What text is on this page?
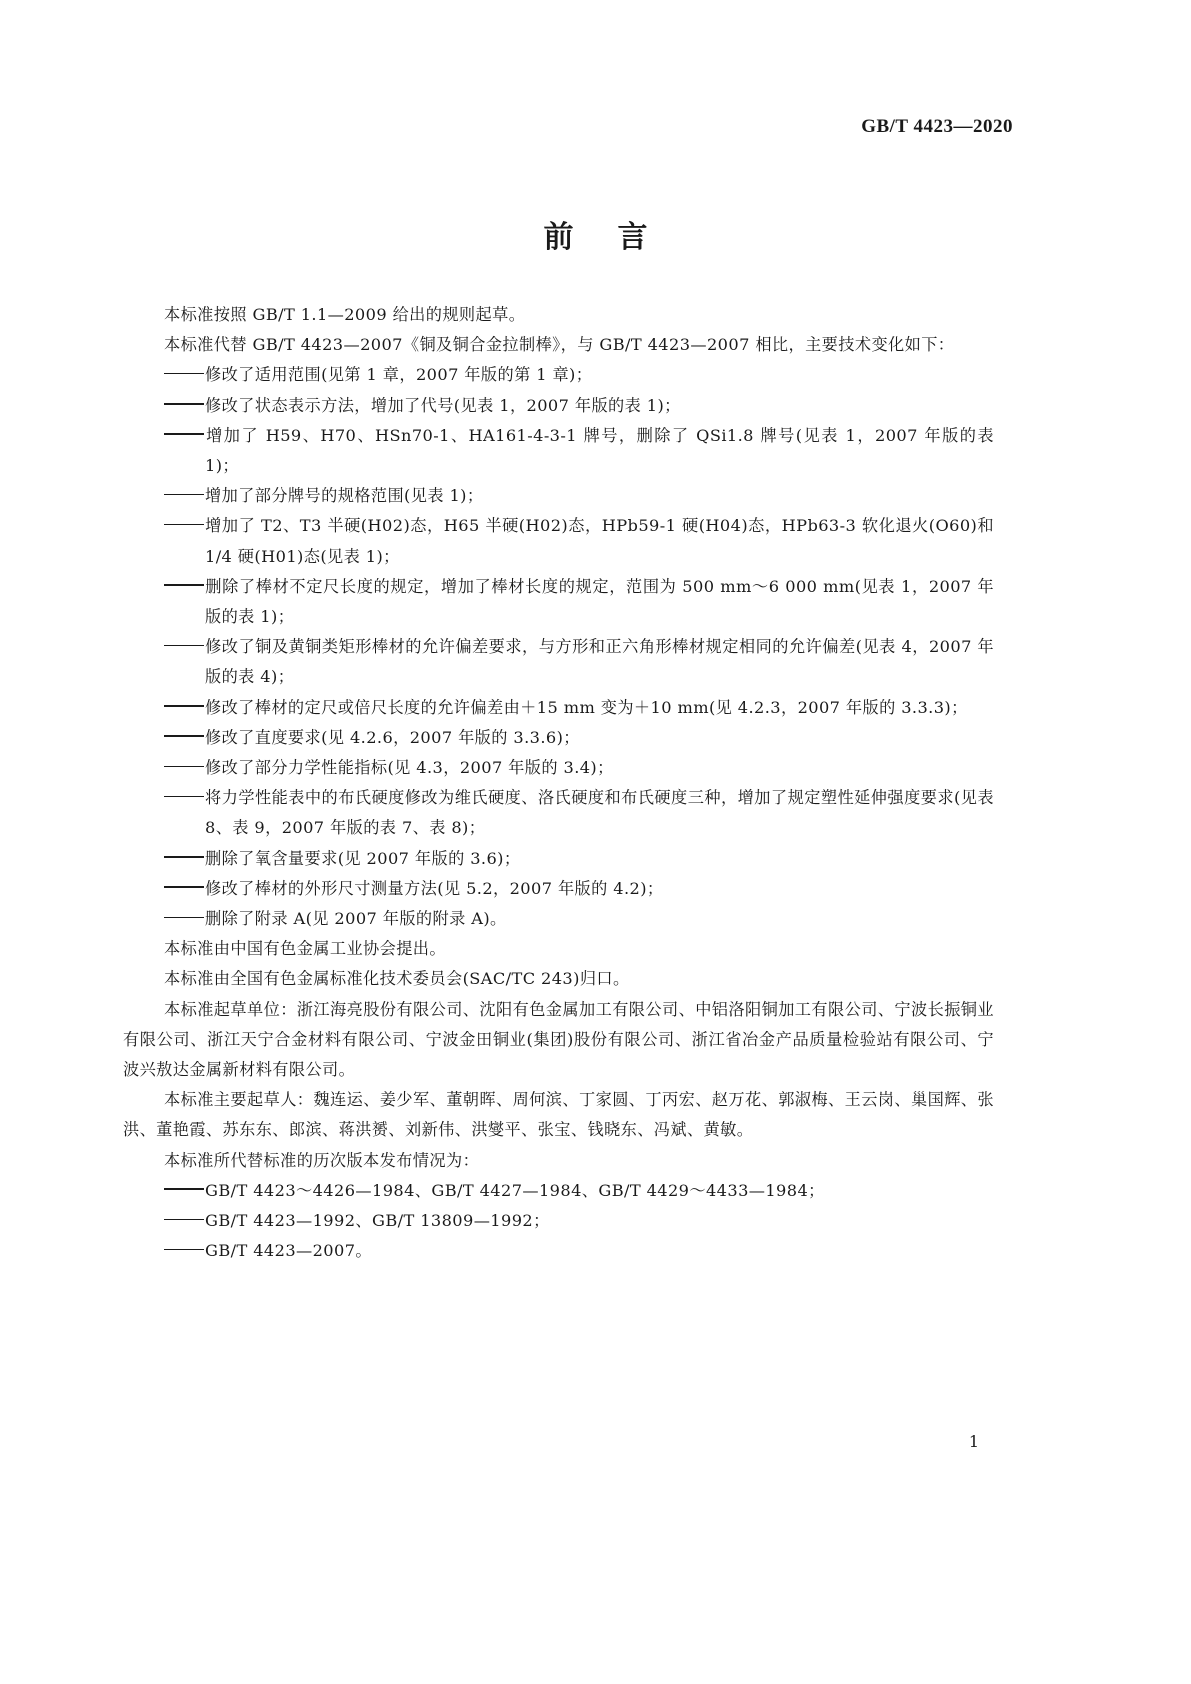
GB/T 4423—2020
前言

本标准按照 GB/T 1.1—2009 给出的规则起草。

本标准代替 GB/T 4423—2007《铜及铜合金拉制棒》，与 GB/T 4423—2007 相比，主要技术变化如下：

修改了适用范围(见第 1 章，2007 年版的第 1 章)；

修改了状态表示方法，增加了代号(见表 1，2007 年版的表 1)；

增加了 H59、H70、HSn70-1、HA161-4-3-1 牌号，删除了 QSi1.8 牌号(见表 1，2007 年版的表 1)；

增加了部分牌号的规格范围(见表 1)；

增加了 T2、T3 半硬(H02)态，H65 半硬(H02)态，HPb59-1 硬(H04)态，HPb63-3 软化退火(O60)和 1/4 硬(H01)态(见表 1)；

删除了棒材不定尺长度的规定，增加了棒材长度的规定，范围为 500 mm～6 000 mm(见表 1，2007 年版的表 1)；

修改了铜及黄铜类矩形棒材的允许偏差要求，与方形和正六角形棒材规定相同的允许偏差(见表 4，2007 年版的表 4)；

修改了棒材的定尺或倍尺长度的允许偏差由＋15 mm 变为＋10 mm(见 4.2.3，2007 年版的 3.3.3)；

修改了直度要求(见 4.2.6，2007 年版的 3.3.6)；

修改了部分力学性能指标(见 4.3，2007 年版的 3.4)；

将力学性能表中的布氏硬度修改为维氏硬度、洛氏硬度和布氏硬度三种，增加了规定塑性延伸强度要求(见表 8、表 9，2007 年版的表 7、表 8)；

删除了氧含量要求(见 2007 年版的 3.6)；

修改了棒材的外形尺寸测量方法(见 5.2，2007 年版的 4.2)；

删除了附录 A(见 2007 年版的附录 A)。

本标准由中国有色金属工业协会提出。

本标准由全国有色金属标准化技术委员会(SAC/TC 243)归口。

本标准起草单位：浙江海亮股份有限公司、沈阳有色金属加工有限公司、中铝洛阳铜加工有限公司、宁波长振铜业有限公司、浙江天宁合金材料有限公司、宁波金田铜业(集团)股份有限公司、浙江省冶金产品质量检验站有限公司、宁波兴敖达金属新材料有限公司。

本标准主要起草人：魏连运、姜少军、董朝晖、周何滨、丁家圆、丁丙宏、赵万花、郭淑梅、王云岗、巢国辉、张洪、董艳霞、苏东东、郎滨、蒋洪赟、刘新伟、洪燮平、张宝、钱晓东、冯斌、黄敏。

本标准所代替标准的历次版本发布情况为：

GB/T 4423～4426—1984、GB/T 4427—1984、GB/T 4429～4433—1984；

GB/T 4423—1992、GB/T 13809—1992；

GB/T 4423—2007。

1
